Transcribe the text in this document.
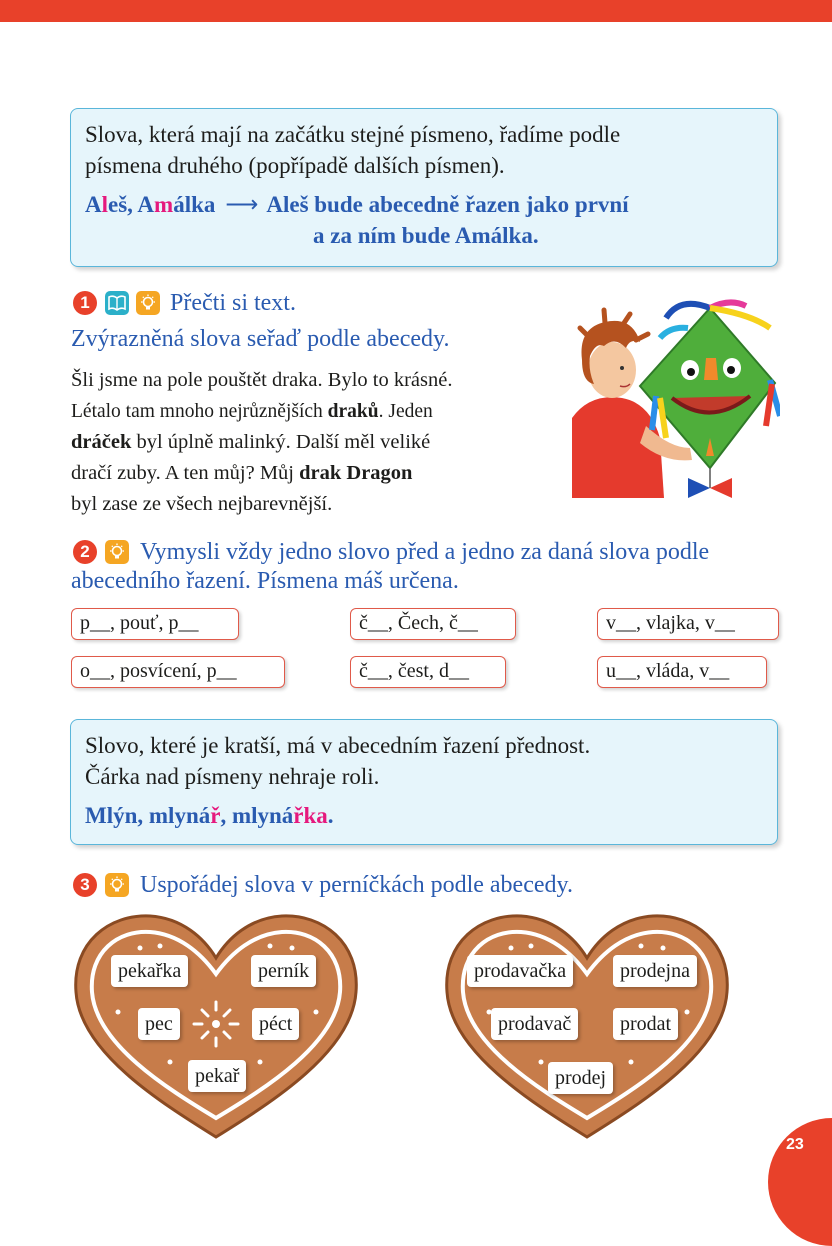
Slova, která mají na začátku stejné písmeno, řadíme podle

písmena druhého (popřípadě dalších písmen).

Aleš, Amálka ⟶ Aleš bude abecedně řazen jako první
a za ním bude Amálka.
1	Přečti si text.
Zvýrazněná slova seřaď podle abecedy.

Šli jsme na pole pouštět draka. Bylo to krásné.

Létalo tam mnoho nejrůznějších draků. Jeden

dráček byl úplně malinký. Další měl veliké

dračí zuby. A ten můj? Můj drak Dragon

byl zase ze všech nejbarevnější.

2	Vymysli vždy jedno slovo před a jedno za daná slova podle
abecedního řazení. Písmena máš určena.
p__, pouť, p__	č__, Čech, č__	v__, vlajka, v__
o__, posvícení, p__	č__, čest, d__	u__, vláda, v__

Slovo, které je kratší, má v abecedním řazení přednost.

Čárka nad písmeny nehraje roli.

Mlýn, mlynář, mlynářka.
3	Uspořádej slova v perníčkách podle abecedy.
pekařka	perník
pec	péct
pekař
prodavačka	prodejna
prodavač	prodat
prodej
23
